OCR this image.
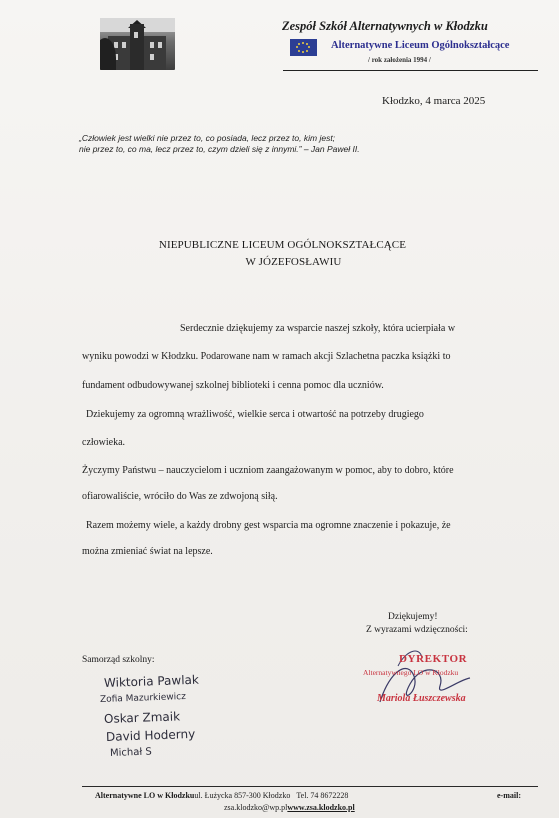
Zespół Szkół Alternatywnych w Kłodzku
Alternatywne Liceum Ogólnokształcące
/ rok założenia 1994 /
Kłodzko, 4 marca 2025
„Człowiek jest wielki nie przez to, co posiada, lecz przez to, kim jest;
nie przez to, co ma, lecz przez to, czym dzieli się z innymi.” – Jan Paweł II.
NIEPUBLICZNE LICEUM OGÓLNOKSZTAŁCĄCE
W JÓZEFOSŁAWIU
Serdecznie dziękujemy za wsparcie naszej szkoły, która ucierpiała w
wyniku powodzi w Kłodzku. Podarowane nam w ramach akcji Szlachetna paczka książki to
fundament odbudowywanej szkolnej biblioteki i cenna pomoc dla uczniów.
Dziekujemy za ogromną wrażliwość, wielkie serca i otwartość na potrzeby drugiego
człowieka.
Życzymy Państwu – nauczycielom i uczniom zaangażowanym w pomoc, aby to dobro, które
ofiarowaliście, wróciło do Was ze zdwojoną siłą.
Razem możemy wiele, a każdy drobny gest wsparcia ma ogromne znaczenie i pokazuje, że
można zmieniać świat na lepsze.
Dziękujemy!
Z wyrazami wdzięczności:
Samorząd szkolny:
Wiktoria Pawlak
Zofia Mazurkiewicz
Oskar Zmaik
David Hoderny
Michał S
DYREKTOR
Alternatywnego LO w Kłodzku
Mariola Łuszczewska
Alternatywne LO w Kłodzkuul. Łużycka 857-300 Kłodzko Tel. 74 8672228	e-mail:
zsa.klodzko@wp.plwww.zsa.klodzko.pl
